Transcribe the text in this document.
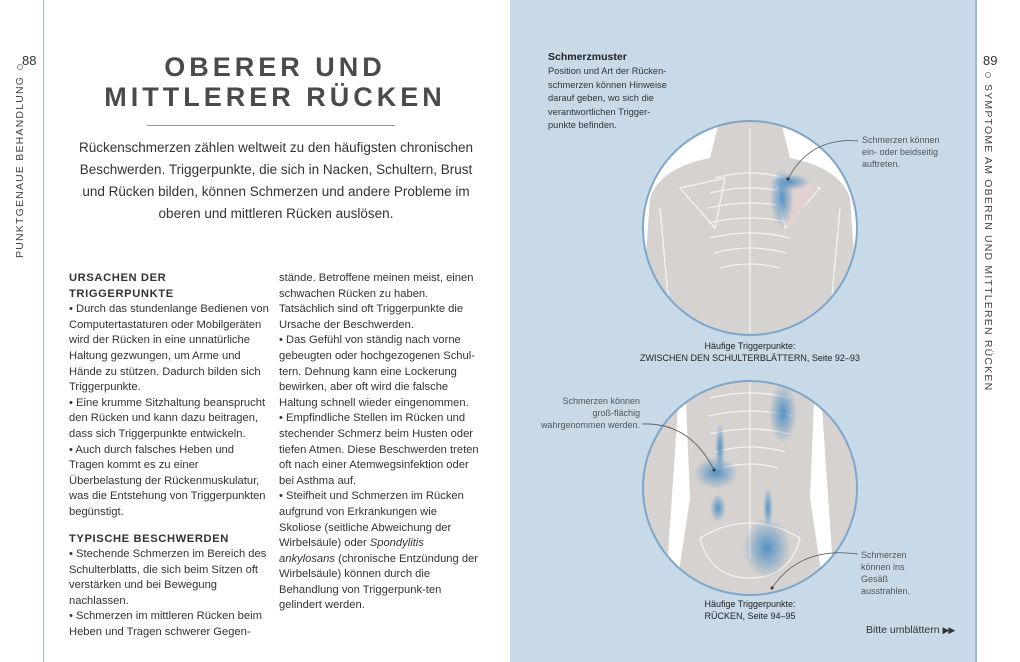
88
PUNKTGENAUE BEHANDLUNG
OBERER UND
MITTLERER RÜCKEN
Rückenschmerzen zählen weltweit zu den häufigsten chronischen Beschwerden. Triggerpunkte, die sich in Nacken, Schultern, Brust und Rücken bilden, können Schmerzen und andere Probleme im oberen und mittleren Rücken auslösen.
URSACHEN DER TRIGGERPUNKTE

• Durch das stundenlange Bedienen von Computertastaturen oder Mobilgeräten wird der Rücken in eine unnatürliche Haltung gezwungen, um Arme und Hände zu stützen. Dadurch bilden sich Triggerpunkte.

• Eine krumme Sitzhaltung beansprucht den Rücken und kann dazu beitragen, dass sich Triggerpunkte entwickeln.

• Auch durch falsches Heben und Tragen kommt es zu einer Überbelastung der Rückenmuskulatur, was die Entstehung von Triggerpunkten begünstigt.

TYPISCHE BESCHWERDEN

• Stechende Schmerzen im Bereich des Schulterblatts, die sich beim Sitzen oft verstärken und bei Bewegung nachlassen.

• Schmerzen im mittleren Rücken beim Heben und Tragen schwerer Gegen-

stände. Betroffene meinen meist, einen schwachen Rücken zu haben. Tatsächlich sind oft Triggerpunkte die Ursache der Beschwerden.

• Das Gefühl von ständig nach vorne gebeugten oder hochgezogenen Schul-tern. Dehnung kann eine Lockerung bewirken, aber oft wird die falsche Haltung schnell wieder eingenommen.

• Empfindliche Stellen im Rücken und stechender Schmerz beim Husten oder tiefen Atmen. Diese Beschwerden treten oft nach einer Atemwegsinfektion oder bei Asthma auf.

• Steifheit und Schmerzen im Rücken aufgrund von Erkrankungen wie Skoliose (seitliche Abweichung der Wirbelsäule) oder Spondylitis ankylosans (chronische Entzündung der Wirbelsäule) können durch die Behandlung von Triggerpunk-ten gelindert werden.

89
SYMPTOME AM OBEREN UND MITTLEREN RÜCKEN
Schmerzmuster
Position und Art der Rücken-schmerzen können Hinweise darauf geben, wo sich die verantwortlichen Trigger-punkte befinden.
Schmerzen können ein- oder beidseitig auftreten.
Häufige Triggerpunkte:
ZWISCHEN DEN SCHULTERBLÄTTERN, Seite 92–93
Schmerzen können groß-flächig wahrgenommen werden.
Schmerzen können ins Gesäß ausstrahlen.
Häufige Triggerpunkte:
RÜCKEN, Seite 94–95
Bitte umblättern ▶▶
